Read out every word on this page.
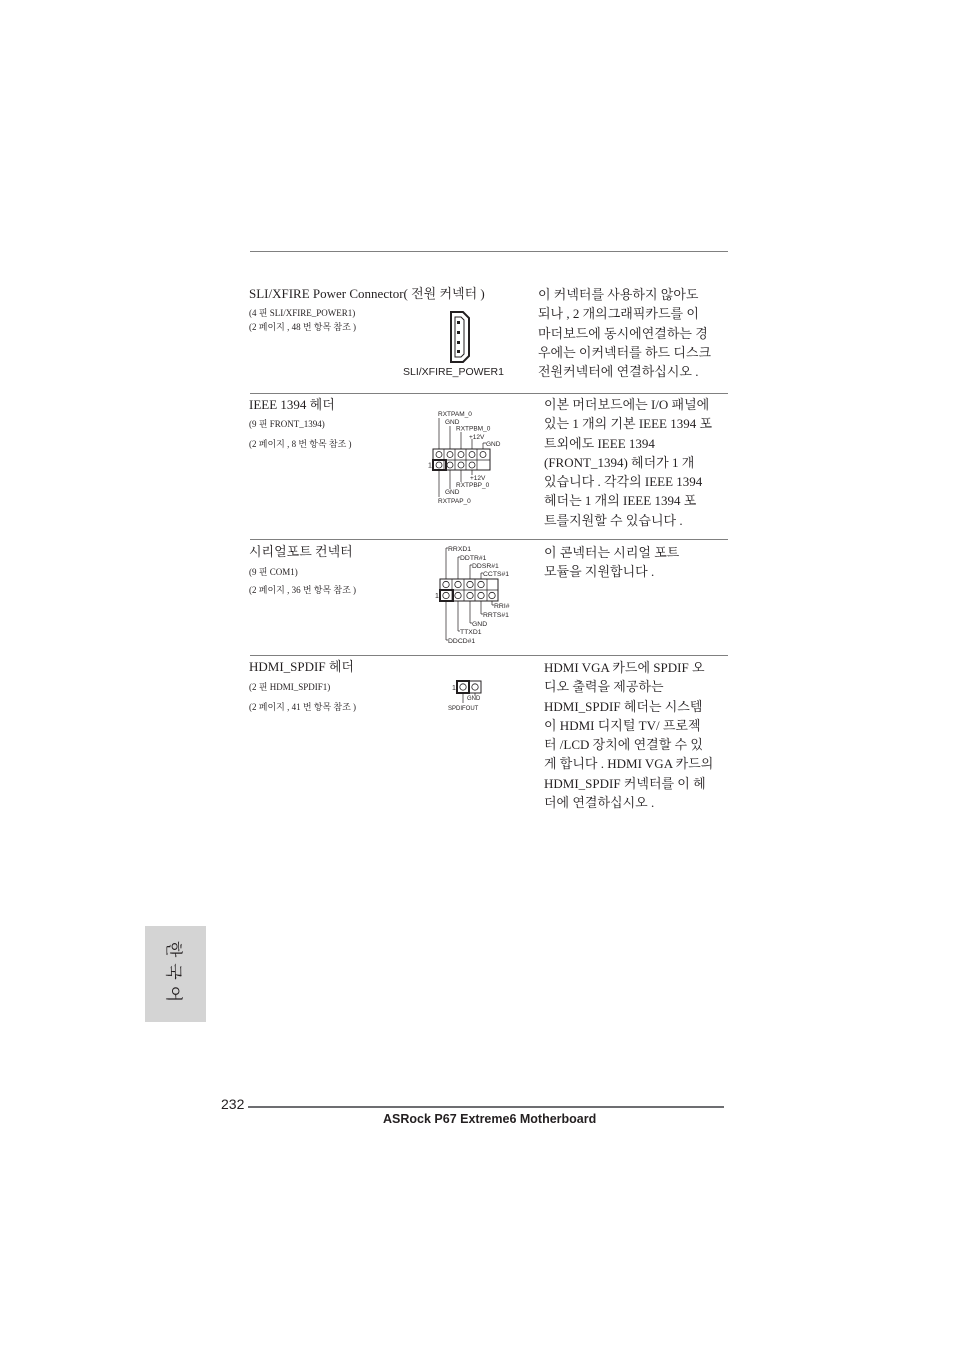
SLI/XFIRE Power Connector( 전원 커넥터 )
(4 핀 SLI/XFIRE_POWER1)
(2 페이지 , 48 번 항목 참조 )
SLI/XFIRE_POWER1
이 커넥터를 사용하지 않아도
되나 , 2 개의그래픽카드를 이
마더보드에 동시에연결하는 경
우에는 이커넥터를 하드 디스크
전원커넥터에 연결하십시오 .
IEEE 1394 헤더
(9 핀 FRONT_1394)
(2 페이지 , 8 번 항목 참조 )
RXTPAM_0
GND
RXTPBM_0
+12V
GND
1
+12V
RXTPBP_0
GND
RXTPAP_0
이본 머더보드에는 I/O 패널에
있는 1 개의 기본 IEEE 1394 포
트외에도 IEEE 1394
(FRONT_1394) 헤더가 1 개
있습니다 . 각각의 IEEE 1394
헤더는 1 개의 IEEE 1394 포
트를지원할 수 있습니다 .
시리얼포트 컨넥터
(9 핀 COM1)
(2 페이지 , 36 번 항목 참조 )
RRXD1
DDTR#1
DDSR#1
CCTS#1
1
RRI#
RRTS#1
GND
TTXD1
DDCD#1
이 콘넥터는 시리얼 포트
모듈을 지원합니다 .
HDMI_SPDIF 헤더
(2 핀 HDMI_SPDIF1)
(2 페이지 , 41 번 항목 참조 )
1
GND
SPDIFOUT
HDMI VGA 카드에 SPDIF 오
디오 출력을 제공하는
HDMI_SPDIF 헤더는 시스템
이 HDMI 디지털 TV/ 프로젝
터 /LCD 장치에 연결할 수 있
게 합니다 . HDMI VGA 카드의
HDMI_SPDIF 커넥터를 이 헤
더에 연결하십시오 .
한국어
232
ASRock P67 Extreme6 Motherboard
